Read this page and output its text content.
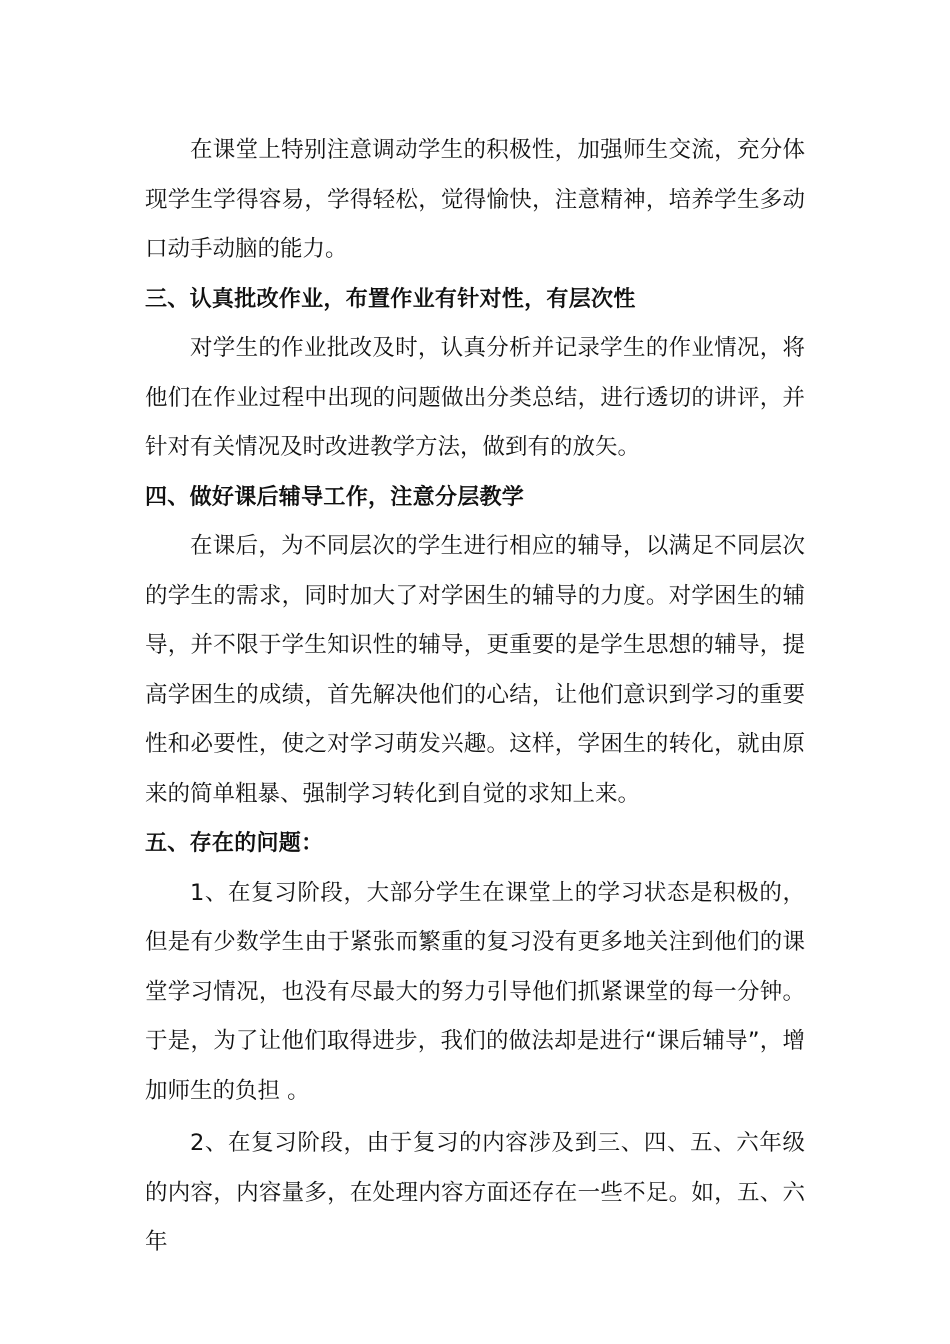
在课堂上特别注意调动学生的积极性，加强师生交流，充分体现学生学得容易，学得轻松，觉得愉快，注意精神，培养学生多动口动手动脑的能力。

三、认真批改作业，布置作业有针对性，有层次性

对学生的作业批改及时，认真分析并记录学生的作业情况，将他们在作业过程中出现的问题做出分类总结，进行透切的讲评，并针对有关情况及时改进教学方法，做到有的放矢。

四、做好课后辅导工作，注意分层教学

在课后，为不同层次的学生进行相应的辅导，以满足不同层次的学生的需求，同时加大了对学困生的辅导的力度。对学困生的辅导，并不限于学生知识性的辅导，更重要的是学生思想的辅导，提高学困生的成绩，首先解决他们的心结，让他们意识到学习的重要性和必要性，使之对学习萌发兴趣。这样，学困生的转化，就由原来的简单粗暴、强制学习转化到自觉的求知上来。

五、存在的问题：

1、在复习阶段，大部分学生在课堂上的学习状态是积极的，但是有少数学生由于紧张而繁重的复习没有更多地关注到他们的课堂学习情况，也没有尽最大的努力引导他们抓紧课堂的每一分钟。于是，为了让他们取得进步，我们的做法却是进行“课后辅导”，增加师生的负担 。

2、在复习阶段，由于复习的内容涉及到三、四、五、六年级的内容，内容量多，在处理内容方面还存在一些不足。如，五、六年
